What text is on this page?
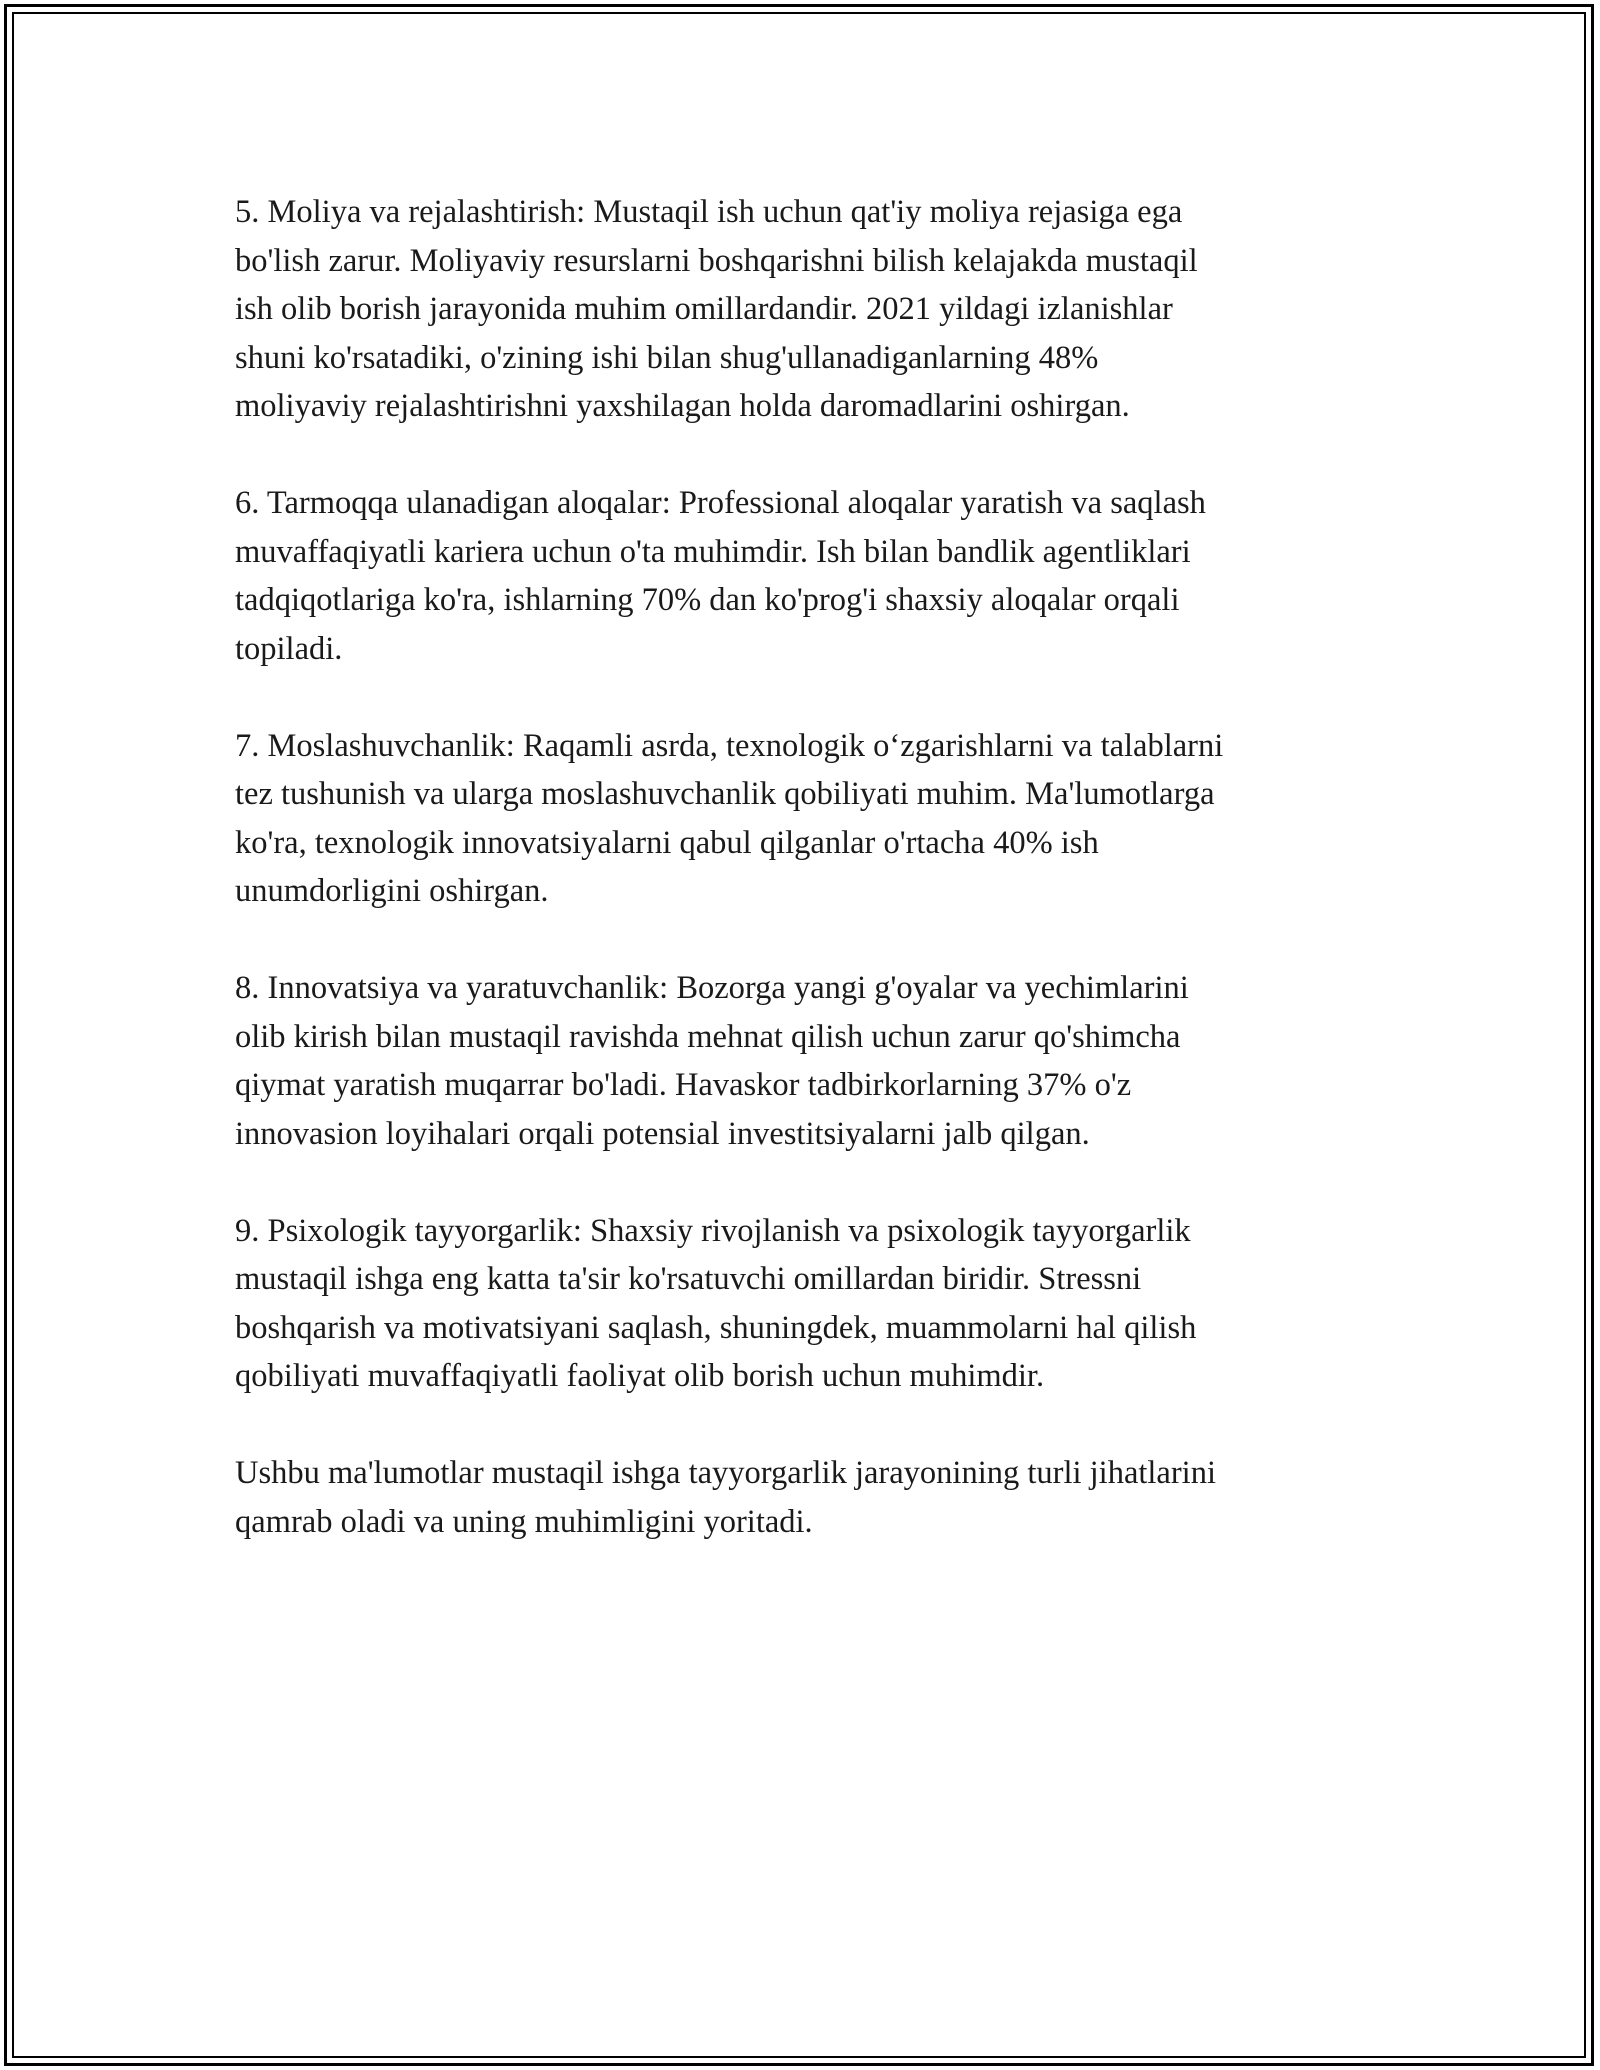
5. Moliya va rejalashtirish: Mustaqil ish uchun qat'iy moliya rejasiga ega
bo'lish zarur. Moliyaviy resurslarni boshqarishni bilish kelajakda mustaqil
ish olib borish jarayonida muhim omillardandir. 2021 yildagi izlanishlar
shuni ko'rsatadiki, o'zining ishi bilan shug'ullanadiganlarning 48%
moliyaviy rejalashtirishni yaxshilagan holda daromadlarini oshirgan.

6. Tarmoqqa ulanadigan aloqalar: Professional aloqalar yaratish va saqlash
muvaffaqiyatli kariera uchun o'ta muhimdir. Ish bilan bandlik agentliklari
tadqiqotlariga ko'ra, ishlarning 70% dan ko'prog'i shaxsiy aloqalar orqali
topiladi.

7. Moslashuvchanlik: Raqamli asrda, texnologik o‘zgarishlarni va talablarni
tez tushunish va ularga moslashuvchanlik qobiliyati muhim. Ma'lumotlarga
ko'ra, texnologik innovatsiyalarni qabul qilganlar o'rtacha 40% ish
unumdorligini oshirgan.

8. Innovatsiya va yaratuvchanlik: Bozorga yangi g'oyalar va yechimlarini
olib kirish bilan mustaqil ravishda mehnat qilish uchun zarur qo'shimcha
qiymat yaratish muqarrar bo'ladi. Havaskor tadbirkorlarning 37% o'z
innovasion loyihalari orqali potensial investitsiyalarni jalb qilgan.

9. Psixologik tayyorgarlik: Shaxsiy rivojlanish va psixologik tayyorgarlik
mustaqil ishga eng katta ta'sir ko'rsatuvchi omillardan biridir. Stressni
boshqarish va motivatsiyani saqlash, shuningdek, muammolarni hal qilish
qobiliyati muvaffaqiyatli faoliyat olib borish uchun muhimdir.

Ushbu ma'lumotlar mustaqil ishga tayyorgarlik jarayonining turli jihatlarini
qamrab oladi va uning muhimligini yoritadi.
